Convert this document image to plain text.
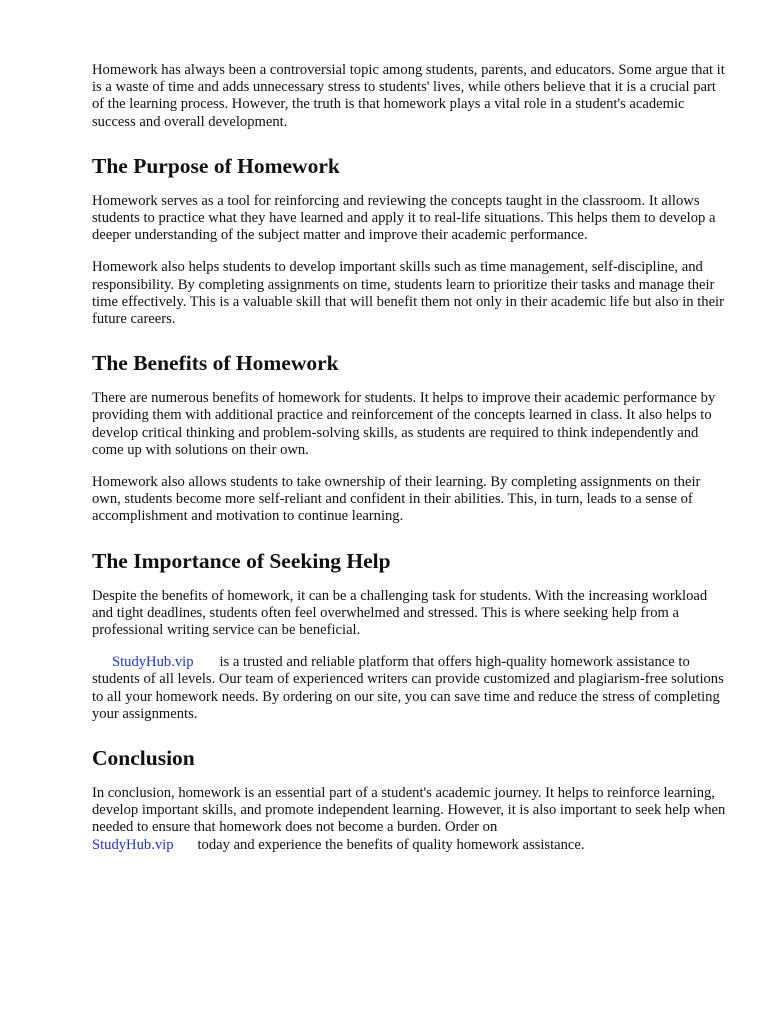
Homework has always been a controversial topic among students, parents, and educators. Some argue that it is a waste of time and adds unnecessary stress to students' lives, while others believe that it is a crucial part of the learning process. However, the truth is that homework plays a vital role in a student's academic success and overall development.

The Purpose of Homework

Homework serves as a tool for reinforcing and reviewing the concepts taught in the classroom. It allows students to practice what they have learned and apply it to real-life situations. This helps them to develop a deeper understanding of the subject matter and improve their academic performance.

Homework also helps students to develop important skills such as time management, self-discipline, and responsibility. By completing assignments on time, students learn to prioritize their tasks and manage their time effectively. This is a valuable skill that will benefit them not only in their academic life but also in their future careers.

The Benefits of Homework

There are numerous benefits of homework for students. It helps to improve their academic performance by providing them with additional practice and reinforcement of the concepts learned in class. It also helps to develop critical thinking and problem-solving skills, as students are required to think independently and come up with solutions on their own.

Homework also allows students to take ownership of their learning. By completing assignments on their own, students become more self-reliant and confident in their abilities. This, in turn, leads to a sense of accomplishment and motivation to continue learning.

The Importance of Seeking Help

Despite the benefits of homework, it can be a challenging task for students. With the increasing workload and tight deadlines, students often feel overwhelmed and stressed. This is where seeking help from a professional writing service can be beneficial.

StudyHub.vip is a trusted and reliable platform that offers high-quality homework assistance to students of all levels. Our team of experienced writers can provide customized and plagiarism-free solutions to all your homework needs. By ordering on our site, you can save time and reduce the stress of completing your assignments.

Conclusion

In conclusion, homework is an essential part of a student's academic journey. It helps to reinforce learning, develop important skills, and promote independent learning. However, it is also important to seek help when needed to ensure that homework does not become a burden. Order on
StudyHub.vip today and experience the benefits of quality homework assistance.
